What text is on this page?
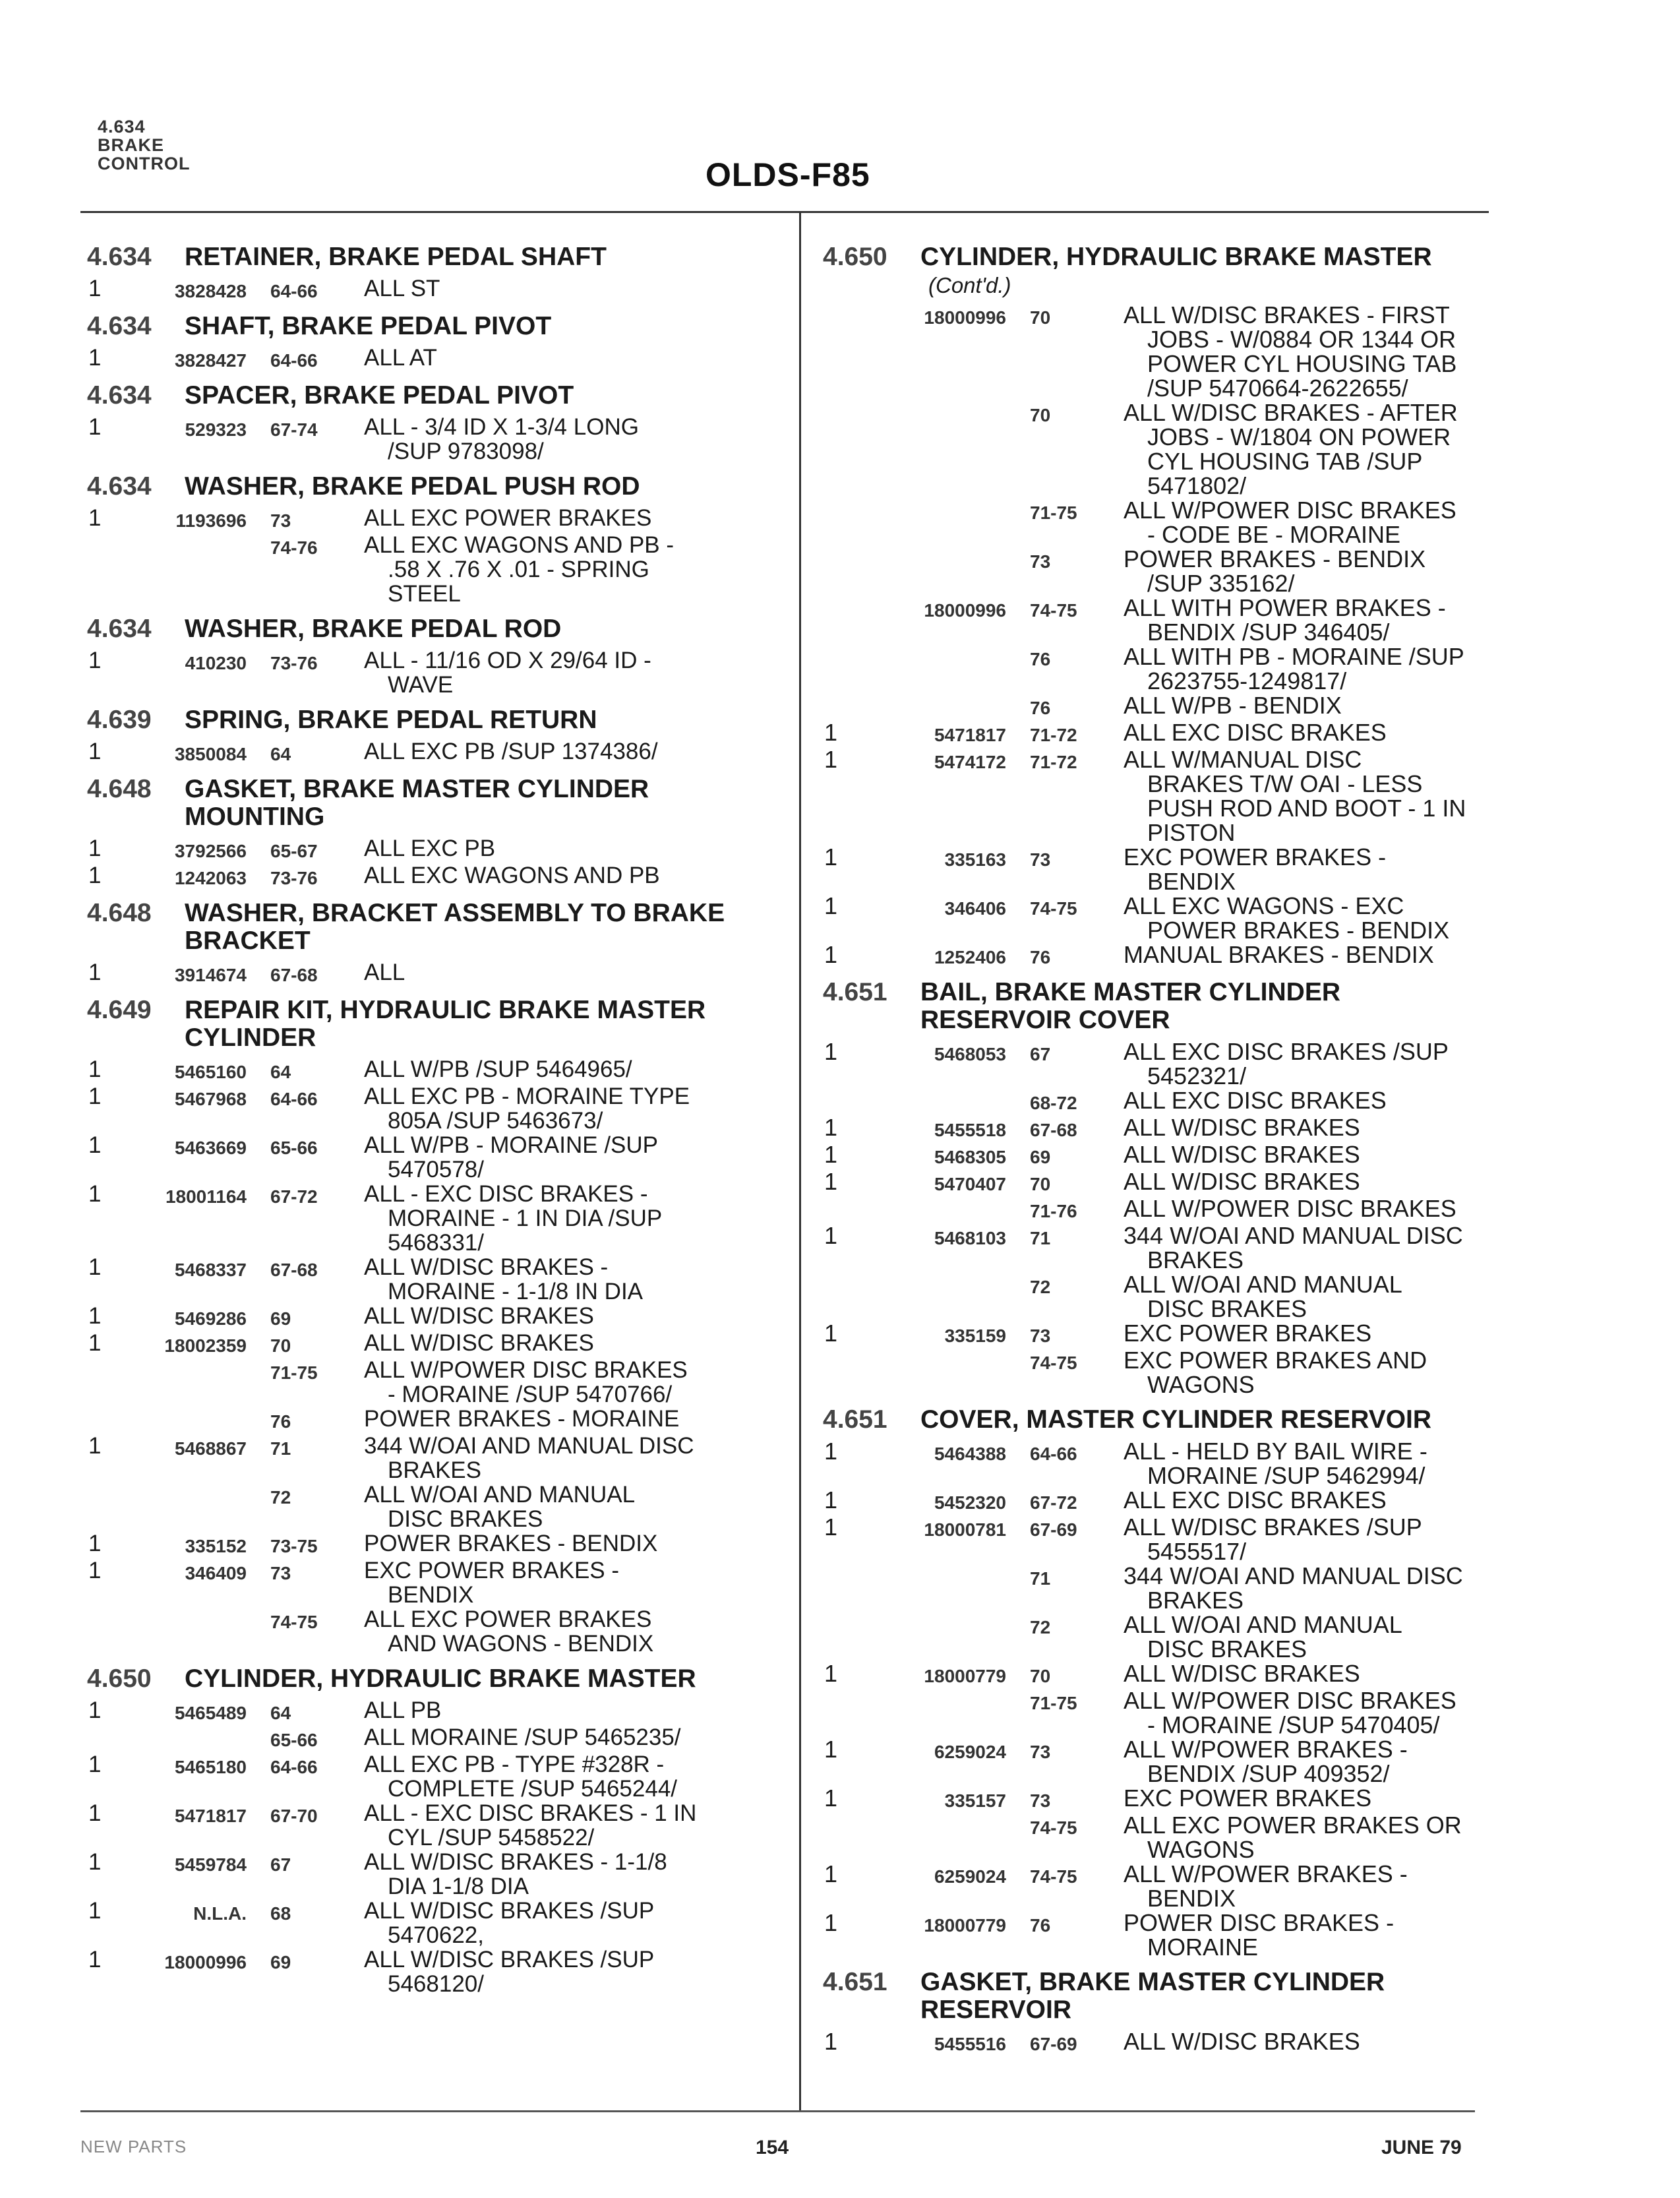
4.634
BRAKE
CONTROL	OLDS-F85
4.634	RETAINER, BRAKE PEDAL SHAFT
1	3828428	64-66	ALL ST
4.634	SHAFT, BRAKE PEDAL PIVOT
1	3828427	64-66	ALL AT
4.634	SPACER, BRAKE PEDAL PIVOT
1	529323	67-74	ALL - 3/4 ID X 1-3/4 LONG
/SUP 9783098/
4.634	WASHER, BRAKE PEDAL PUSH ROD
1	1193696	73	ALL EXC POWER BRAKES
74-76	ALL EXC WAGONS AND PB -
.58 X .76 X .01 - SPRING
STEEL
4.634	WASHER, BRAKE PEDAL ROD
1	410230	73-76	ALL - 11/16 OD X 29/64 ID -
WAVE
4.639	SPRING, BRAKE PEDAL RETURN
1	3850084	64	ALL EXC PB /SUP 1374386/
4.648	GASKET, BRAKE MASTER CYLINDER MOUNTING
1	3792566	65-67	ALL EXC PB
1	1242063	73-76	ALL EXC WAGONS AND PB
4.648	WASHER, BRACKET ASSEMBLY TO BRAKE BRACKET
1	3914674	67-68	ALL
4.649	REPAIR KIT, HYDRAULIC BRAKE MASTER CYLINDER
1	5465160	64	ALL W/PB /SUP 5464965/
1	5467968	64-66	ALL EXC PB - MORAINE TYPE
805A /SUP 5463673/
1	5463669	65-66	ALL W/PB - MORAINE /SUP
5470578/
1	18001164	67-72	ALL - EXC DISC BRAKES -
MORAINE - 1 IN DIA /SUP
5468331/
1	5468337	67-68	ALL W/DISC BRAKES -
MORAINE - 1-1/8 IN DIA
1	5469286	69	ALL W/DISC BRAKES
1	18002359	70	ALL W/DISC BRAKES
71-75	ALL W/POWER DISC BRAKES
- MORAINE /SUP 5470766/
76	POWER BRAKES - MORAINE
1	5468867	71	344 W/OAI AND MANUAL DISC
BRAKES
72	ALL W/OAI AND MANUAL
DISC BRAKES
1	335152	73-75	POWER BRAKES - BENDIX
1	346409	73	EXC POWER BRAKES -
BENDIX
74-75	ALL EXC POWER BRAKES
AND WAGONS - BENDIX
4.650	CYLINDER, HYDRAULIC BRAKE MASTER
1	5465489	64	ALL PB
65-66	ALL MORAINE /SUP 5465235/
1	5465180	64-66	ALL EXC PB - TYPE #328R -
COMPLETE /SUP 5465244/
1	5471817	67-70	ALL - EXC DISC BRAKES - 1 IN
CYL /SUP 5458522/
1	5459784	67	ALL W/DISC BRAKES - 1-1/8
DIA 1-1/8 DIA
1	N.L.A.	68	ALL W/DISC BRAKES /SUP
5470622,
1	18000996	69	ALL W/DISC BRAKES /SUP
5468120/
4.650	CYLINDER, HYDRAULIC BRAKE MASTER
(Cont'd.)
18000996	70	ALL W/DISC BRAKES - FIRST
JOBS - W/0884 OR 1344 OR
POWER CYL HOUSING TAB
/SUP 5470664-2622655/
70	ALL W/DISC BRAKES - AFTER
JOBS - W/1804 ON POWER
CYL HOUSING TAB /SUP
5471802/
71-75	ALL W/POWER DISC BRAKES
- CODE BE - MORAINE
73	POWER BRAKES - BENDIX
/SUP 335162/
18000996	74-75	ALL WITH POWER BRAKES -
BENDIX /SUP 346405/
76	ALL WITH PB - MORAINE /SUP
2623755-1249817/
76	ALL W/PB - BENDIX
1	5471817	71-72	ALL EXC DISC BRAKES
1	5474172	71-72	ALL W/MANUAL DISC
BRAKES T/W OAI - LESS
PUSH ROD AND BOOT - 1 IN
PISTON
1	335163	73	EXC POWER BRAKES -
BENDIX
1	346406	74-75	ALL EXC WAGONS - EXC
POWER BRAKES - BENDIX
1	1252406	76	MANUAL BRAKES - BENDIX
4.651	BAIL, BRAKE MASTER CYLINDER RESERVOIR COVER
1	5468053	67	ALL EXC DISC BRAKES /SUP
5452321/
68-72	ALL EXC DISC BRAKES
1	5455518	67-68	ALL W/DISC BRAKES
1	5468305	69	ALL W/DISC BRAKES
1	5470407	70	ALL W/DISC BRAKES
71-76	ALL W/POWER DISC BRAKES
1	5468103	71	344 W/OAI AND MANUAL DISC
BRAKES
72	ALL W/OAI AND MANUAL
DISC BRAKES
1	335159	73	EXC POWER BRAKES
74-75	EXC POWER BRAKES AND
WAGONS
4.651	COVER, MASTER CYLINDER RESERVOIR
1	5464388	64-66	ALL - HELD BY BAIL WIRE -
MORAINE /SUP 5462994/
1	5452320	67-72	ALL EXC DISC BRAKES
1	18000781	67-69	ALL W/DISC BRAKES /SUP
5455517/
71	344 W/OAI AND MANUAL DISC
BRAKES
72	ALL W/OAI AND MANUAL
DISC BRAKES
1	18000779	70	ALL W/DISC BRAKES
71-75	ALL W/POWER DISC BRAKES
- MORAINE /SUP 5470405/
1	6259024	73	ALL W/POWER BRAKES -
BENDIX /SUP 409352/
1	335157	73	EXC POWER BRAKES
74-75	ALL EXC POWER BRAKES OR
WAGONS
1	6259024	74-75	ALL W/POWER BRAKES -
BENDIX
1	18000779	76	POWER DISC BRAKES -
MORAINE
4.651	GASKET, BRAKE MASTER CYLINDER RESERVOIR
1	5455516	67-69	ALL W/DISC BRAKES
NEW PARTS	154	JUNE 79
